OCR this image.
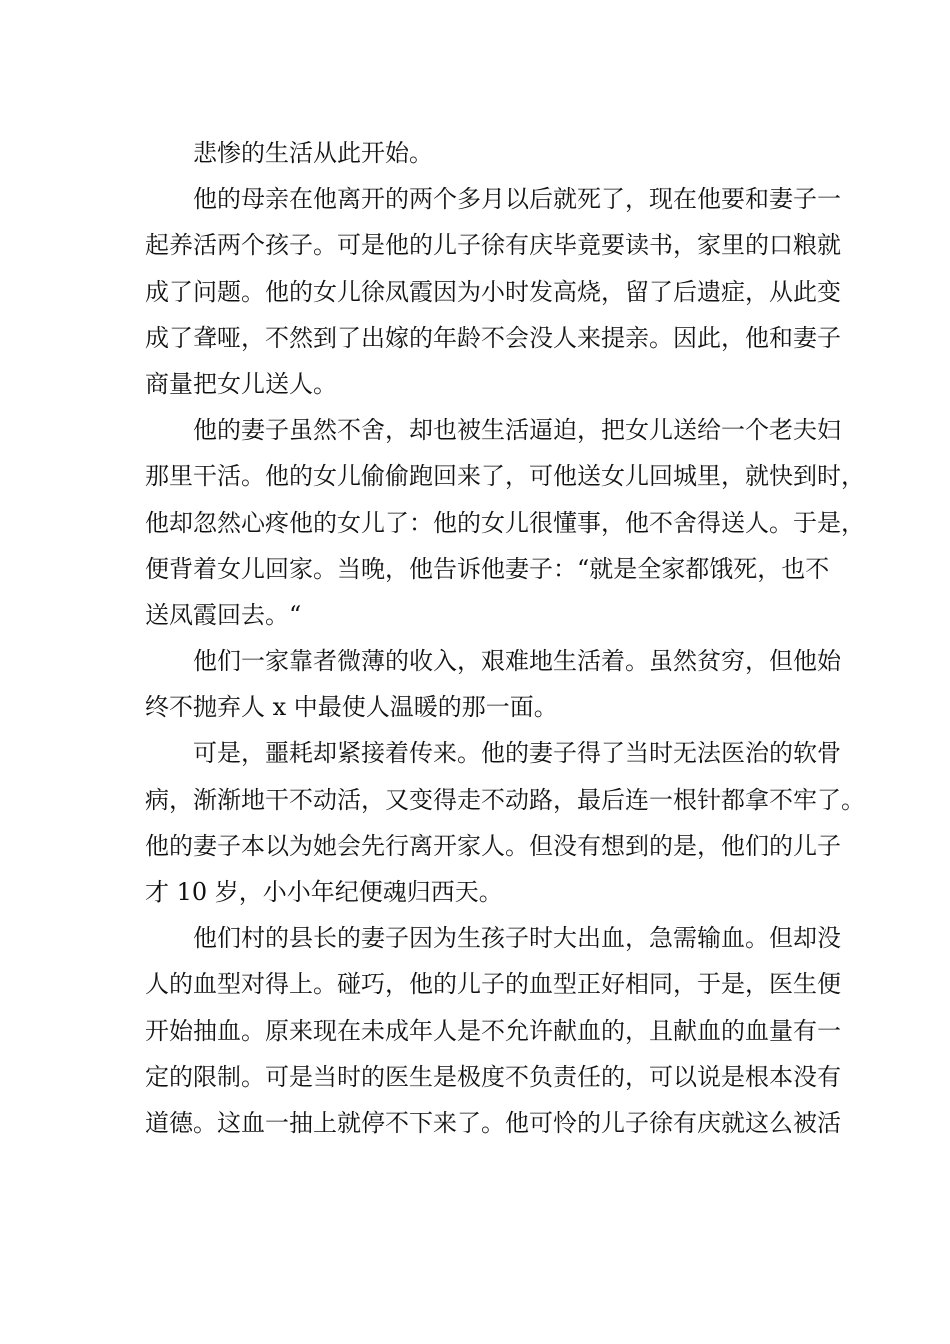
悲惨的生活从此开始。
他的母亲在他离开的两个多月以后就死了，现在他要和妻子一
起养活两个孩子。可是他的儿子徐有庆毕竟要读书，家里的口粮就
成了问题。他的女儿徐凤霞因为小时发高烧，留了后遗症，从此变
成了聋哑，不然到了出嫁的年龄不会没人来提亲。因此，他和妻子
商量把女儿送人。
他的妻子虽然不舍，却也被生活逼迫，把女儿送给一个老夫妇
那里干活。他的女儿偷偷跑回来了，可他送女儿回城里，就快到时，
他却忽然心疼他的女儿了：他的女儿很懂事，他不舍得送人。于是，
便背着女儿回家。当晚，他告诉他妻子：“就是全家都饿死，也不
送凤霞回去。“
他们一家靠者微薄的收入，艰难地生活着。虽然贫穷，但他始
终不抛弃人 x 中最使人温暖的那一面。
可是，噩耗却紧接着传来。他的妻子得了当时无法医治的软骨
病，渐渐地干不动活，又变得走不动路，最后连一根针都拿不牢了。
他的妻子本以为她会先行离开家人。但没有想到的是，他们的儿子
才 10 岁，小小年纪便魂归西天。
他们村的县长的妻子因为生孩子时大出血，急需输血。但却没
人的血型对得上。碰巧，他的儿子的血型正好相同，于是，医生便
开始抽血。原来现在未成年人是不允许献血的，且献血的血量有一
定的限制。可是当时的医生是极度不负责任的，可以说是根本没有
道德。这血一抽上就停不下来了。他可怜的儿子徐有庆就这么被活
